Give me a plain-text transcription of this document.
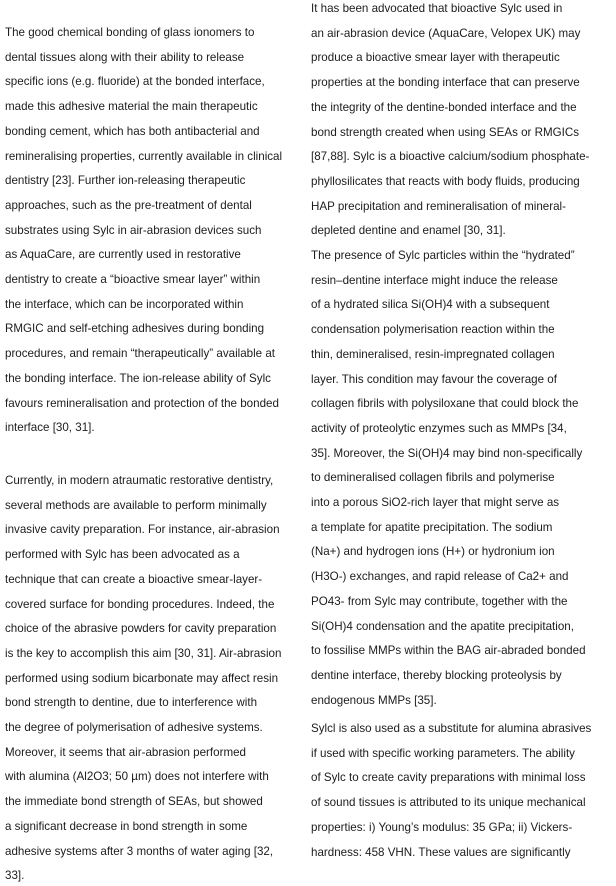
The good chemical bonding of glass ionomers to
dental tissues along with their ability to release
specific ions (e.g. fluoride) at the bonded interface,
made this adhesive material the main therapeutic
bonding cement, which has both antibacterial and
remineralising properties, currently available in clinical
dentistry [23]. Further ion-releasing therapeutic
approaches, such as the pre-treatment of dental
substrates using Sylc in air-abrasion devices such
as AquaCare, are currently used in restorative
dentistry to create a “bioactive smear layer” within
the interface, which can be incorporated within
RMGIC and self-etching adhesives during bonding
procedures, and remain “therapeutically” available at
the bonding interface. The ion-release ability of Sylc
favours remineralisation and protection of the bonded
interface [30, 31].
Currently, in modern atraumatic restorative dentistry,
several methods are available to perform minimally
invasive cavity preparation. For instance, air-abrasion
performed with Sylc has been advocated as a
technique that can create a bioactive smear-layer-
covered surface for bonding procedures. Indeed, the
choice of the abrasive powders for cavity preparation
is the key to accomplish this aim [30, 31]. Air-abrasion
performed using sodium bicarbonate may affect resin
bond strength to dentine, due to interference with
the degree of polymerisation of adhesive systems.
Moreover, it seems that air-abrasion performed
with alumina (Al2O3; 50 µm) does not interfere with
the immediate bond strength of SEAs, but showed
a significant decrease in bond strength in some
adhesive systems after 3 months of water aging [32,
33].
It has been advocated that bioactive Sylc used in
an air-abrasion device (AquaCare, Velopex UK) may
produce a bioactive smear layer with therapeutic
properties at the bonding interface that can preserve
the integrity of the dentine-bonded interface and the
bond strength created when using SEAs or RMGICs
[87,88]. Sylc is a bioactive calcium/sodium phosphate-
phyllosilicates that reacts with body fluids, producing
HAP precipitation and remineralisation of mineral-
depleted dentine and enamel [30, 31].
The presence of Sylc particles within the “hydrated”
resin–dentine interface might induce the release
of a hydrated silica Si(OH)4 with a subsequent
condensation polymerisation reaction within the
thin, demineralised, resin-impregnated collagen
layer. This condition may favour the coverage of
collagen fibrils with polysiloxane that could block the
activity of proteolytic enzymes such as MMPs [34,
35]. Moreover, the Si(OH)4 may bind non-specifically
to demineralised collagen fibrils and polymerise
into a porous SiO2-rich layer that might serve as
a template for apatite precipitation. The sodium
(Na+) and hydrogen ions (H+) or hydronium ion
(H3O-) exchanges, and rapid release of Ca2+ and
PO43- from Sylc may contribute, together with the
Si(OH)4 condensation and the apatite precipitation,
to fossilise MMPs within the BAG air-abraded bonded
dentine interface, thereby blocking proteolysis by
endogenous MMPs [35].
Sylcl is also used as a substitute for alumina abrasives
if used with specific working parameters. The ability
of Sylc to create cavity preparations with minimal loss
of sound tissues is attributed to its unique mechanical
properties: i) Young’s modulus: 35 GPa; ii) Vickers-
hardness: 458 VHN. These values are significantly
